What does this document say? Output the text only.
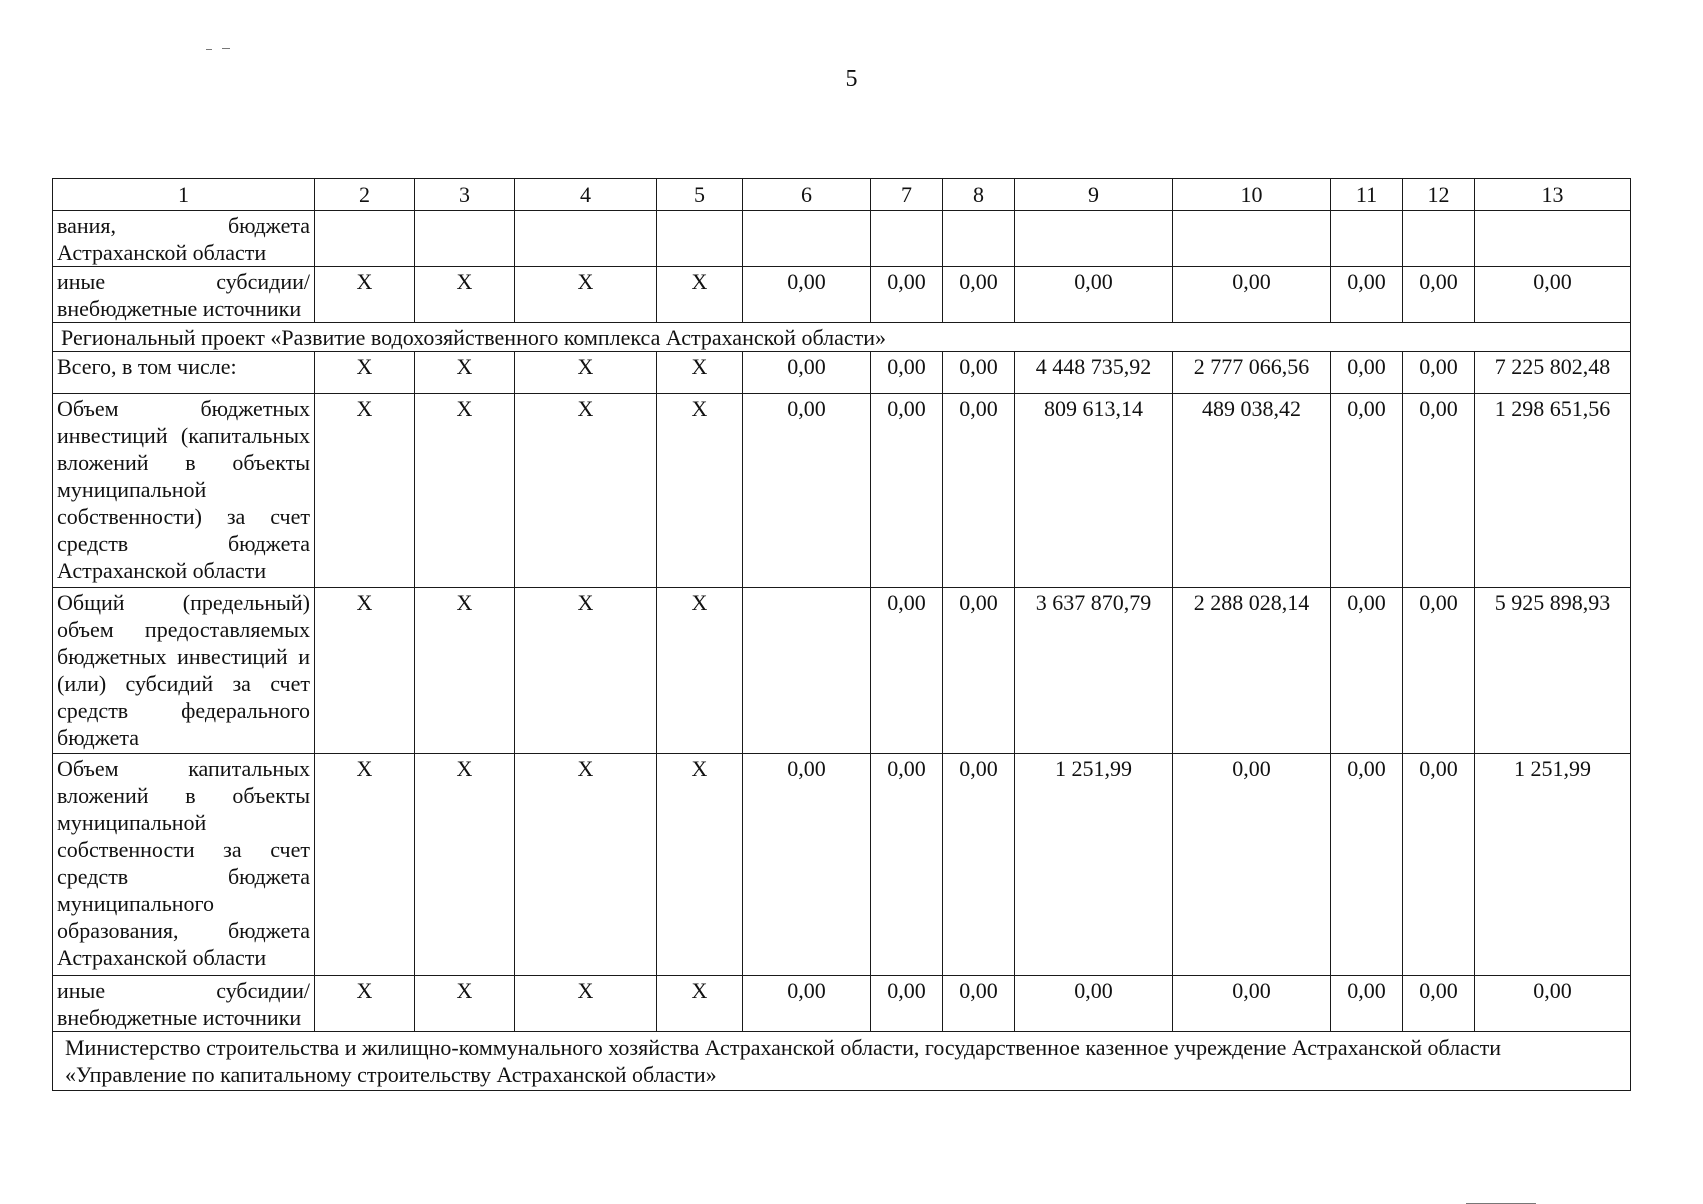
5
1	2	3	4	5	6	7	8	9	10	11	12	13
вания, бюджета Астраханской области												
иные субсидии/ внебюджетные источники	X	X	X	X	0,00	0,00	0,00	0,00	0,00	0,00	0,00	0,00
Региональный проект «Развитие водохозяйственного комплекса Астраханской области»												
Всего, в том числе:	X	X	X	X	0,00	0,00	0,00	4 448 735,92	2 777 066,56	0,00	0,00	7 225 802,48
Объем бюджетных инвестиций (капитальных вложений в объекты муниципальной собственности) за счет средств бюджета Астраханской области	X	X	X	X	0,00	0,00	0,00	809 613,14	489 038,42	0,00	0,00	1 298 651,56
Общий (предельный) объем предоставляемых бюджетных инвестиций и (или) субсидий за счет средств федерального бюджета	X	X	X	X		0,00	0,00	3 637 870,79	2 288 028,14	0,00	0,00	5 925 898,93
Объем капитальных вложений в объекты муниципальной собственности за счет средств бюджета муниципального образования, бюджета Астраханской области	X	X	X	X	0,00	0,00	0,00	1 251,99	0,00	0,00	0,00	1 251,99
иные субсидии/ внебюджетные источники	X	X	X	X	0,00	0,00	0,00	0,00	0,00	0,00	0,00	0,00
Министерство строительства и жилищно-коммунального хозяйства Астраханской области, государственное казенное учреждение Астраханской области «Управление по капитальному строительству Астраханской области»												
